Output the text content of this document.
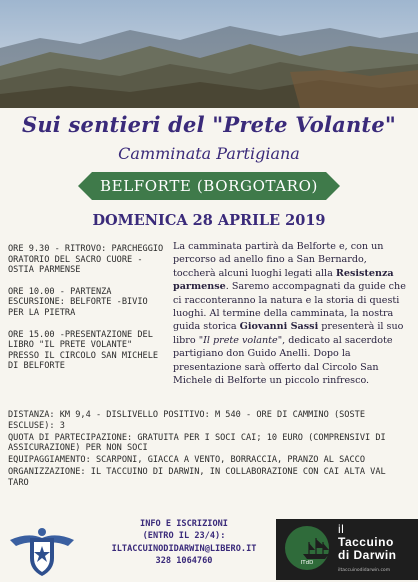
Sui sentieri del "Prete Volante"
Camminata Partigiana
BELFORTE (BORGOTARO)
DOMENICA 28 APRILE 2019
ORE 9.30 - RITROVO: PARCHEGGIO ORATORIO DEL SACRO CUORE - OSTIA PARMENSE
ORE 10.00 - PARTENZA ESCURSIONE: BELFORTE -BIVIO PER LA PIETRA
ORE 15.00 -PRESENTAZIONE DEL LIBRO "IL PRETE VOLANTE" PRESSO IL CIRCOLO SAN MICHELE DI BELFORTE
La camminata partirà da Belforte e, con un percorso ad anello fino a San Bernardo, toccherà alcuni luoghi legati alla Resistenza parmense. Saremo accompagnati da guide che ci racconteranno la natura e la storia di questi luoghi. Al termine della camminata, la nostra guida storica Giovanni Sassi presenterà il suo libro "Il prete volante", dedicato al sacerdote partigiano don Guido Anelli. Dopo la presentazione sarà offerto dal Circolo San Michele di Belforte un piccolo rinfresco.
DISTANZA: KM 9,4 - DISLIVELLO POSITIVO: M 540 - ORE DI CAMMINO (SOSTE ESCLUSE): 3
QUOTA DI PARTECIPAZIONE: GRATUITA PER I SOCI CAI; 10 EURO (COMPRENSIVI DI ASSICURAZIONE) PER NON SOCI
EQUIPAGGIAMENTO: SCARPONI, GIACCA A VENTO, BORRACCIA, PRANZO AL SACCO
ORGANIZZAZIONE: IL TACCUINO DI DARWIN, IN COLLABORAZIONE CON CAI ALTA VAL TARO
INFO E ISCRIZIONI
(ENTRO IL 23/4):
ILTACCUINODIDARWIN@LIBERO.IT
328 1064760	ITdD
il
Taccuino
di Darwin
iltaccuinodidarwin.com
